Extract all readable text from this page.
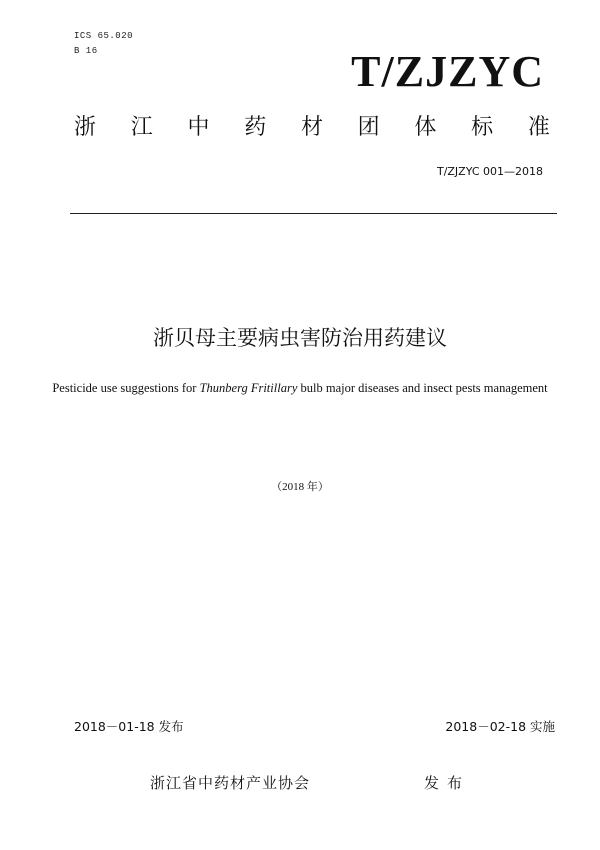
ICS 65.020
B 16	T/ZJZYC
浙 江 中 药 材 团 体 标 准
T/ZJZYC 001—2018
浙贝母主要病虫害防治用药建议
Pesticide use suggestions for Thunberg Fritillary bulb major diseases and insect pests management
（2018 年）
2018－01-18 发布	2018－02-18 实施
浙江省中药材产业协会	发布
